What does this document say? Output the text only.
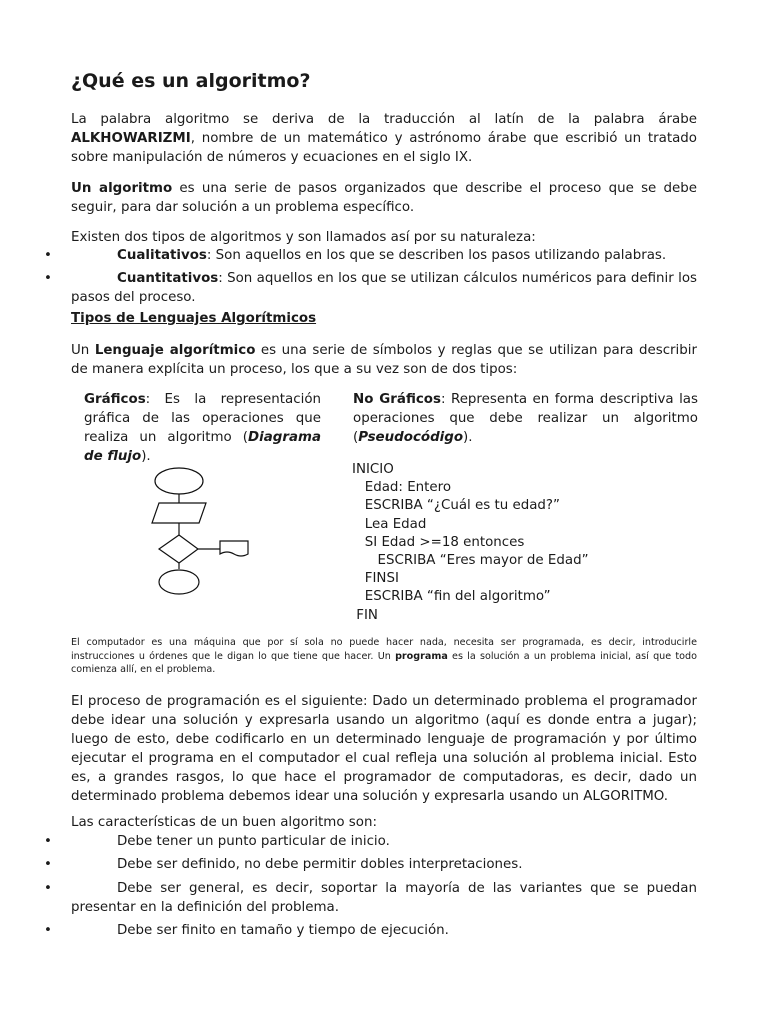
¿Qué es un algoritmo?

La palabra algoritmo se deriva de la traducción al latín de la palabra árabe ALKHOWARIZMI, nombre de un matemático y astrónomo árabe que escribió un tratado sobre manipulación de números y ecuaciones en el siglo IX.

Un algoritmo es una serie de pasos organizados que describe el proceso que se debe seguir, para dar solución a un problema específico.

Existen dos tipos de algoritmos y son llamados así por su naturaleza:

•	Cualitativos: Son aquellos en los que se describen los pasos utilizando palabras.
•	Cuantitativos: Son aquellos en los que se utilizan cálculos numéricos para definir los pasos del proceso.
Tipos de Lenguajes Algorítmicos

Un Lenguaje algorítmico es una serie de símbolos y reglas que se utilizan para describir de manera explícita un proceso, los que a su vez son de dos tipos:

Gráficos: Es la representación gráfica de las operaciones que realiza un algoritmo (Diagrama de flujo).
No Gráficos: Representa en forma descriptiva las operaciones que debe realizar un algoritmo (Pseudocódigo).
INICIO
Edad: Entero
ESCRIBA “¿Cuál es tu edad?”
Lea Edad
SI Edad >=18 entonces
ESCRIBA “Eres mayor de Edad”
FINSI
ESCRIBA “fin del algoritmo”
FIN

El computador es una máquina que por sí sola no puede hacer nada, necesita ser programada, es decir, introducirle instrucciones u órdenes que le digan lo que tiene que hacer. Un programa es la solución a un problema inicial, así que todo comienza allí, en el problema.

El proceso de programación es el siguiente: Dado un determinado problema el programador debe idear una solución y expresarla usando un algoritmo (aquí es donde entra a jugar); luego de esto, debe codificarlo en un determinado lenguaje de programación y por último ejecutar el programa en el computador el cual refleja una solución al problema inicial. Esto es, a grandes rasgos, lo que hace el programador de computadoras, es decir, dado un determinado problema debemos idear una solución y expresarla usando un ALGORITMO.

Las características de un buen algoritmo son:

•	Debe tener un punto particular de inicio.
•	Debe ser definido, no debe permitir dobles interpretaciones.
•	Debe ser general, es decir, soportar la mayoría de las variantes que se puedan presentar en la definición del problema.
•	Debe ser finito en tamaño y tiempo de ejecución.
